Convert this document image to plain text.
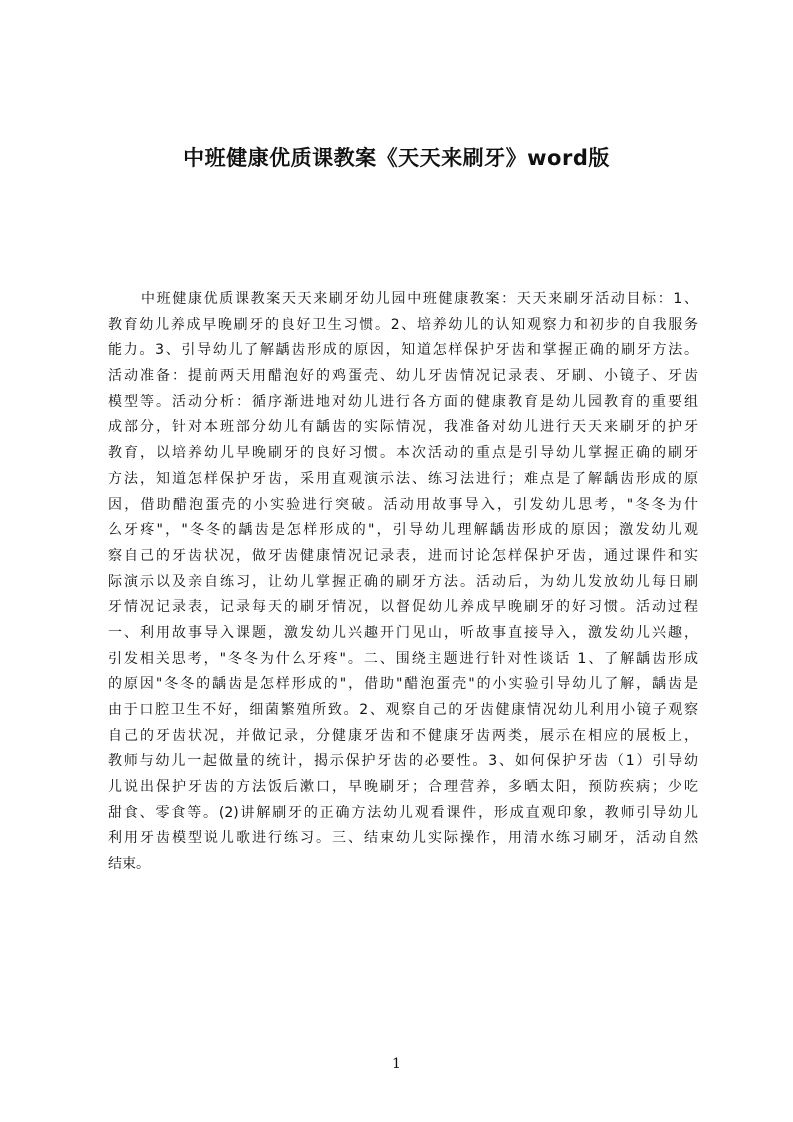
中班健康优质课教案《天天来刷牙》word版
中班健康优质课教案天天来刷牙幼儿园中班健康教案：天天来刷牙活动目标：1、
教育幼儿养成早晚刷牙的良好卫生习惯。2、培养幼儿的认知观察力和初步的自我服务
能力。3、引导幼儿了解龋齿形成的原因，知道怎样保护牙齿和掌握正确的刷牙方法。
活动准备：提前两天用醋泡好的鸡蛋壳、幼儿牙齿情况记录表、牙刷、小镜子、牙齿
模型等。活动分析：循序渐进地对幼儿进行各方面的健康教育是幼儿园教育的重要组
成部分，针对本班部分幼儿有龋齿的实际情况，我准备对幼儿进行天天来刷牙的护牙
教育，以培养幼儿早晚刷牙的良好习惯。本次活动的重点是引导幼儿掌握正确的刷牙
方法，知道怎样保护牙齿，采用直观演示法、练习法进行；难点是了解龋齿形成的原
因，借助醋泡蛋壳的小实验进行突破。活动用故事导入，引发幼儿思考，"冬冬为什
么牙疼"，"冬冬的龋齿是怎样形成的"，引导幼儿理解龋齿形成的原因；激发幼儿观
察自己的牙齿状况，做牙齿健康情况记录表，进而讨论怎样保护牙齿，通过课件和实
际演示以及亲自练习，让幼儿掌握正确的刷牙方法。活动后，为幼儿发放幼儿每日刷
牙情况记录表，记录每天的刷牙情况，以督促幼儿养成早晚刷牙的好习惯。活动过程
一、利用故事导入课题，激发幼儿兴趣开门见山，听故事直接导入，激发幼儿兴趣，
引发相关思考，"冬冬为什么牙疼"。二、围绕主题进行针对性谈话 1、了解龋齿形成
的原因"冬冬的龋齿是怎样形成的"，借助"醋泡蛋壳"的小实验引导幼儿了解，龋齿是
由于口腔卫生不好，细菌繁殖所致。2、观察自己的牙齿健康情况幼儿利用小镜子观察
自己的牙齿状况，并做记录，分健康牙齿和不健康牙齿两类，展示在相应的展板上，
教师与幼儿一起做量的统计，揭示保护牙齿的必要性。3、如何保护牙齿（1）引导幼
儿说出保护牙齿的方法饭后漱口，早晚刷牙；合理营养，多晒太阳，预防疾病；少吃
甜食、零食等。(2)讲解刷牙的正确方法幼儿观看课件，形成直观印象，教师引导幼儿
利用牙齿模型说儿歌进行练习。三、结束幼儿实际操作，用清水练习刷牙，活动自然
结束。
1
